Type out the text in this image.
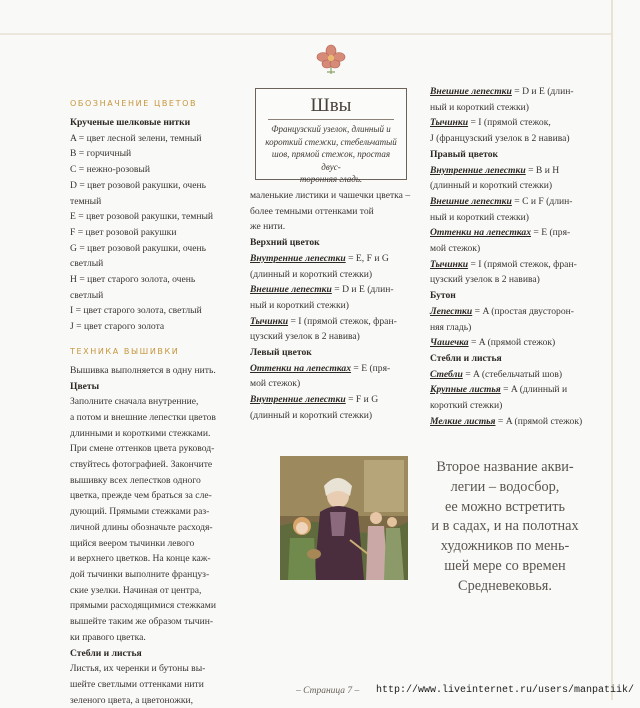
ОБОЗНАЧЕНИЕ ЦВЕТОВ
Крученые шелковые нитки
A = цвет лесной зелени, темный
B = горчичный
C = нежно-розовый
D = цвет розовой ракушки, очень
темный
E = цвет розовой ракушки, темный
F = цвет розовой ракушки
G = цвет розовой ракушки, очень
светлый
H = цвет старого золота, очень
светлый
I = цвет старого золота, светлый
J = цвет старого золота
ТЕХНИКА ВЫШИВКИ
Вышивка выполняется в одну нить.
Цветы
Заполните сначала внутренние,
а потом и внешние лепестки цветов
длинными и короткими стежками.
При смене оттенков цвета руковод-
ствуйтесь фотографией. Закончите
вышивку всех лепестков одного
цветка, прежде чем браться за сле-
дующий. Прямыми стежками раз-
личной длины обозначьте расходя-
щийся веером тычинки левого
и верхнего цветков. На конце каж-
дой тычинки выполните француз-
ские узелки. Начиная от центра,
прямыми расходящимися стежками
вышейте таким же образом тычин-
ки правого цветка.
Стебли и листья
Листья, их черенки и бутоны вы-
шейте светлыми оттенками нити
зеленого цвета, а цветоножки,
Швы
Французский узелок, длинный и
короткий стежки, стебельчатый
шов, прямой стежок, простая двус-
торонняя гладь.
маленькие листики и чашечки цветка –
более темными оттенками той
же нити.
Верхний цветок
Внутренние лепестки = E, F и G
(длинный и короткий стежки)
Внешние лепестки = D и E (длин-
ный и короткий стежки)
Тычинки = I (прямой стежок, фран-
цузский узелок в 2 навива)
Левый цветок
Оттенки на лепестках = E (пря-
мой стежок)
Внутренние лепестки = F и G
(длинный и короткий стежки)
Внешние лепестки = D и E (длин-
ный и короткий стежки)
Тычинки = I (прямой стежок,
J (французский узелок в 2 навива)
Правый цветок
Внутренние лепестки = B и H
(длинный и короткий стежки)
Внешние лепестки = C и F (длин-
ный и короткий стежки)
Оттенки на лепестках = E (пря-
мой стежок)
Тычинки = I (прямой стежок, фран-
цузский узелок в 2 навива)
Бутон
Лепестки = A (простая двусторон-
няя гладь)
Чашечка = A (прямой стежок)
Стебли и листья
Стебли = A (стебельчатый шов)
Крупные листья = A (длинный и
короткий стежки)
Мелкие листья = A (прямой стежок)
Второе название акви-
легии – водосбор,
ее можно встретить
и в садах, и на полотнах
художников по мень-
шей мере со времен
Средневековья.
– Страница 7 – http://www.liveinternet.ru/users/manpatiik/
